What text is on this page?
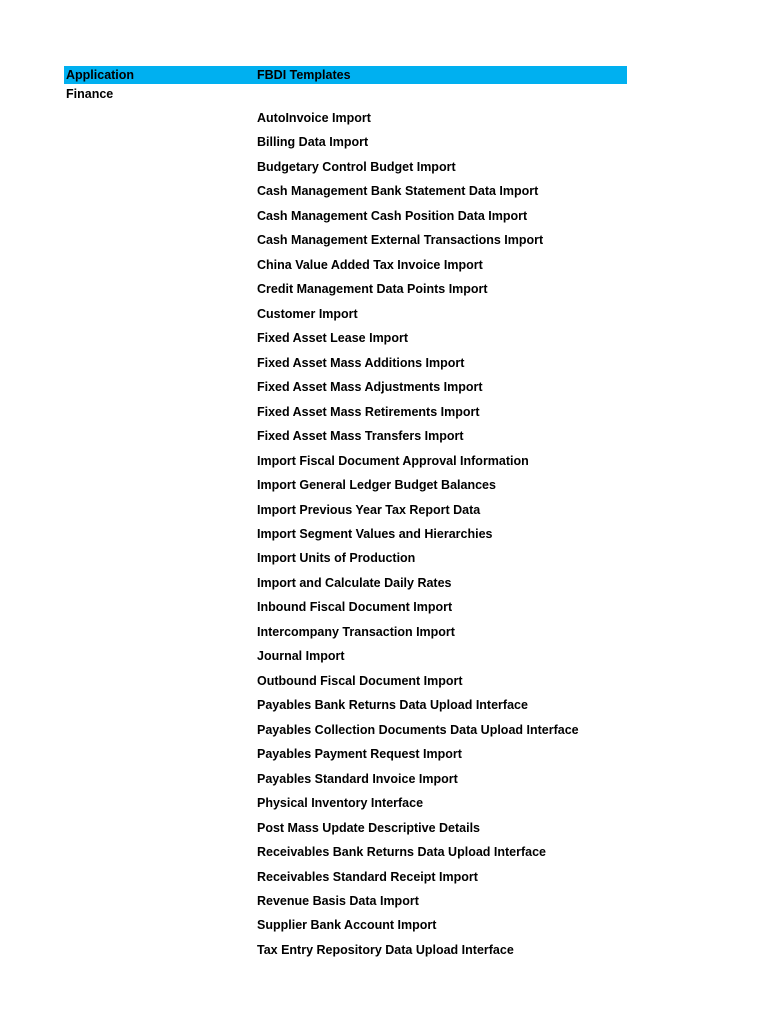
Application	FBDI Templates
Finance
AutoInvoice Import
Billing Data Import
Budgetary Control Budget Import
Cash Management Bank Statement Data Import
Cash Management Cash Position Data Import
Cash Management External Transactions Import
China Value Added Tax Invoice Import
Credit Management Data Points Import
Customer Import
Fixed Asset Lease Import
Fixed Asset Mass Additions Import
Fixed Asset Mass Adjustments Import
Fixed Asset Mass Retirements Import
Fixed Asset Mass Transfers Import
Import Fiscal Document Approval Information
Import General Ledger Budget Balances
Import Previous Year Tax Report Data
Import Segment Values and Hierarchies
Import Units of Production
Import and Calculate Daily Rates
Inbound Fiscal Document Import
Intercompany Transaction Import
Journal Import
Outbound Fiscal Document Import
Payables Bank Returns Data Upload Interface
Payables Collection Documents Data Upload Interface
Payables Payment Request Import
Payables Standard Invoice Import
Physical Inventory Interface
Post Mass Update Descriptive Details
Receivables Bank Returns Data Upload Interface
Receivables Standard Receipt Import
Revenue Basis Data Import
Supplier Bank Account Import
Tax Entry Repository Data Upload Interface
